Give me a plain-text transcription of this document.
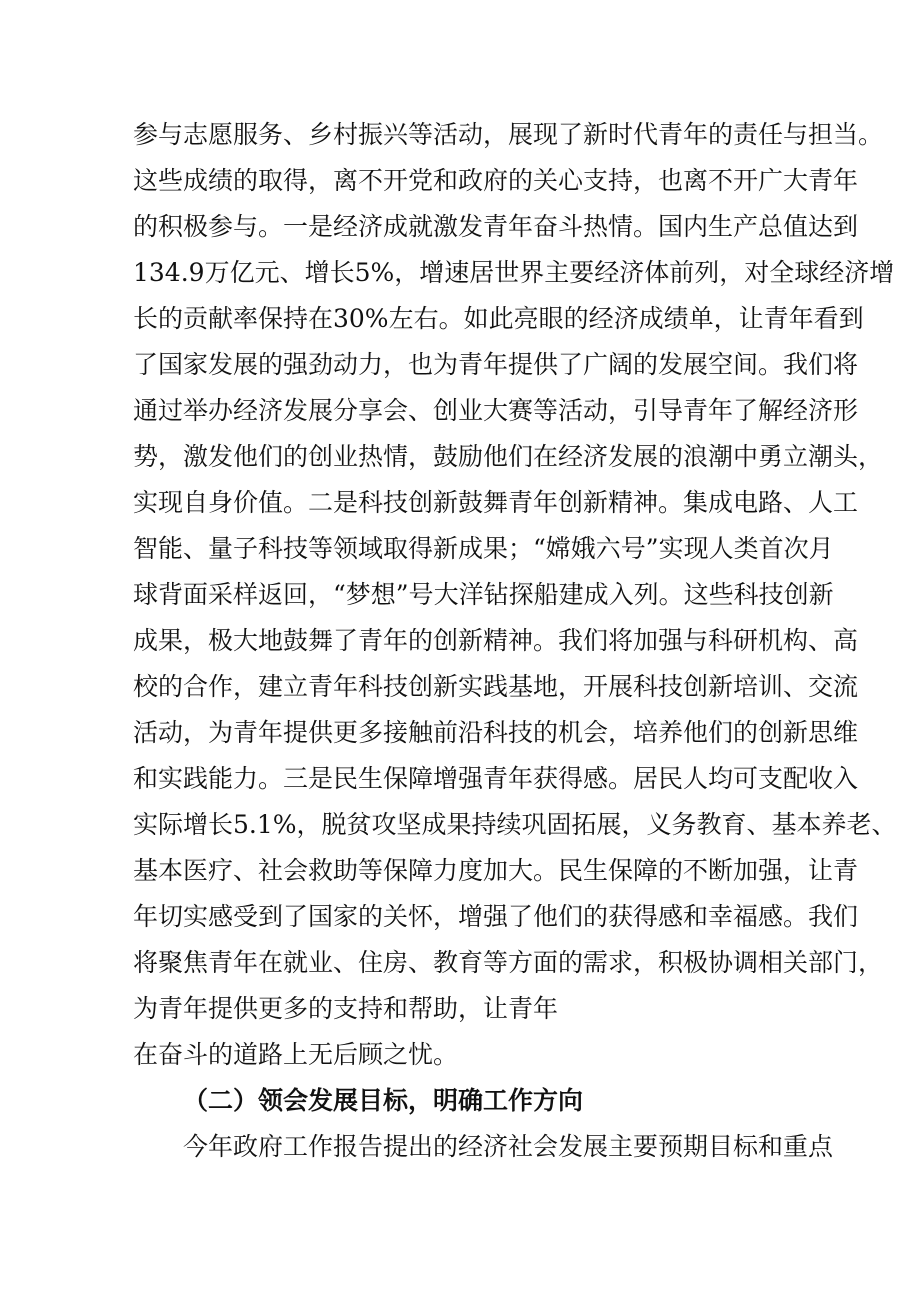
参与志愿服务、乡村振兴等活动，展现了新时代青年的责任与担当。
这些成绩的取得，离不开党和政府的关心支持，也离不开广大青年
的积极参与。一是经济成就激发青年奋斗热情。国内生产总值达到
134.9万亿元、增长5%，增速居世界主要经济体前列，对全球经济增
长的贡献率保持在30%左右。如此亮眼的经济成绩单，让青年看到
了国家发展的强劲动力，也为青年提供了广阔的发展空间。我们将
通过举办经济发展分享会、创业大赛等活动，引导青年了解经济形
势，激发他们的创业热情，鼓励他们在经济发展的浪潮中勇立潮头，
实现自身价值。二是科技创新鼓舞青年创新精神。集成电路、人工
智能、量子科技等领域取得新成果；“嫦娥六号”实现人类首次月
球背面采样返回，“梦想”号大洋钻探船建成入列。这些科技创新
成果，极大地鼓舞了青年的创新精神。我们将加强与科研机构、高
校的合作，建立青年科技创新实践基地，开展科技创新培训、交流
活动，为青年提供更多接触前沿科技的机会，培养他们的创新思维
和实践能力。三是民生保障增强青年获得感。居民人均可支配收入
实际增长5.1%，脱贫攻坚成果持续巩固拓展，义务教育、基本养老、
基本医疗、社会救助等保障力度加大。民生保障的不断加强，让青
年切实感受到了国家的关怀，增强了他们的获得感和幸福感。我们
将聚焦青年在就业、住房、教育等方面的需求，积极协调相关部门，
为青年提供更多的支持和帮助，让青年
在奋斗的道路上无后顾之忧。
（二）领会发展目标，明确工作方向
今年政府工作报告提出的经济社会发展主要预期目标和重点
